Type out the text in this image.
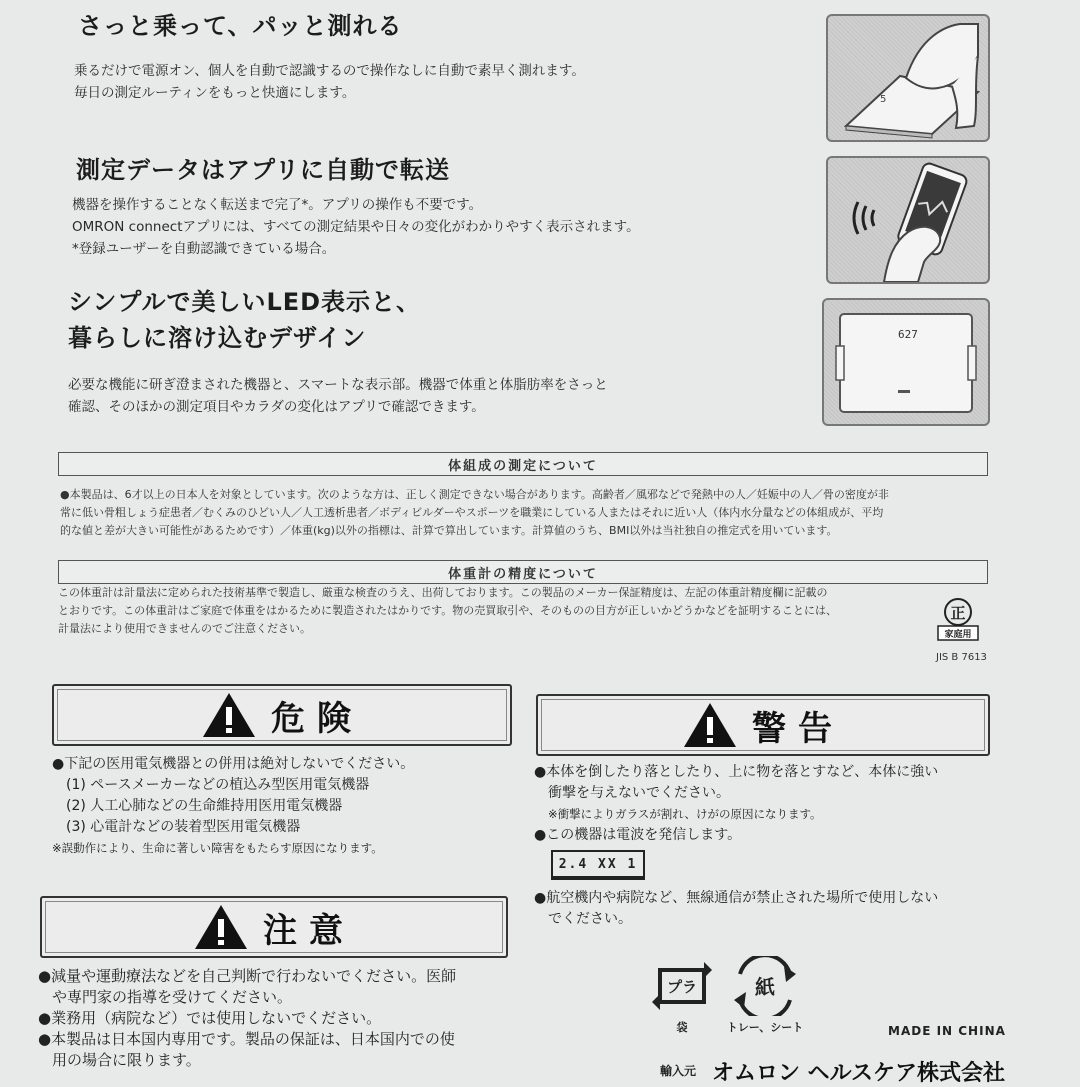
さっと乗って、パッと測れる

乗るだけで電源オン、個人を自動で認識するので操作なしに自動で素早く測れます。
毎日の測定ルーティンをもっと快適にします。	5
測定データはアプリに自動で転送

機器を操作することなく転送まで完了*。アプリの操作も不要です。
OMRON connectアプリには、すべての測定結果や日々の変化がわかりやすく表示されます。
*登録ユーザーを自動認識できている場合。

シンプルで美しいLED表示と、
暮らしに溶け込むデザイン

必要な機能に研ぎ澄まされた機器と、スマートな表示部。機器で体重と体脂肪率をさっと
確認、そのほかの測定項目やカラダの変化はアプリで確認できます。

627
体組成の測定について

●本製品は、6才以上の日本人を対象としています。次のような方は、正しく測定できない場合があります。高齢者／風邪などで発熱中の人／妊娠中の人／骨の密度が非
常に低い骨粗しょう症患者／むくみのひどい人／人工透析患者／ボディビルダーやスポーツを職業にしている人またはそれに近い人（体内水分量などの体組成が、平均
的な値と差が大きい可能性があるためです）／体重(kg)以外の指標は、計算で算出しています。計算値のうち、BMI以外は当社独自の推定式を用いています。

体重計の精度について

この体重計は計量法に定められた技術基準で製造し、厳重な検査のうえ、出荷しております。この製品のメーカー保証精度は、左記の体重計精度欄に記載の
とおりです。この体重計はご家庭で体重をはかるために製造されたはかりです。物の売買取引や、そのものの目方が正しいかどうかなどを証明することには、
計量法により使用できませんのでご注意ください。

正
家庭用
JIS B 7613
危険

●下記の医用電気機器との併用は絶対しないでください。
(1) ペースメーカーなどの植込み型医用電気機器
(2) 人工心肺などの生命維持用医用電気機器
(3) 心電計などの装着型医用電気機器
※誤動作により、生命に著しい障害をもたらす原因になります。

警告

●本体を倒したり落としたり、上に物を落とすなど、本体に強い
衝撃を与えないでください。
※衝撃によりガラスが割れ、けがの原因になります。
●この機器は電波を発信します。

2.4 XX 1

●航空機内や病院など、無線通信が禁止された場所で使用しない
でください。

注意

●減量や運動療法などを自己判断で行わないでください。医師
や専門家の指導を受けてください。
●業務用（病院など）では使用しないでください。
●本製品は日本国内専用です。製品の保証は、日本国内での使
用の場合に限ります。

プラ
袋
紙
トレー、シート	MADE IN CHINA
輸入元 オムロン ヘルスケア株式会社
